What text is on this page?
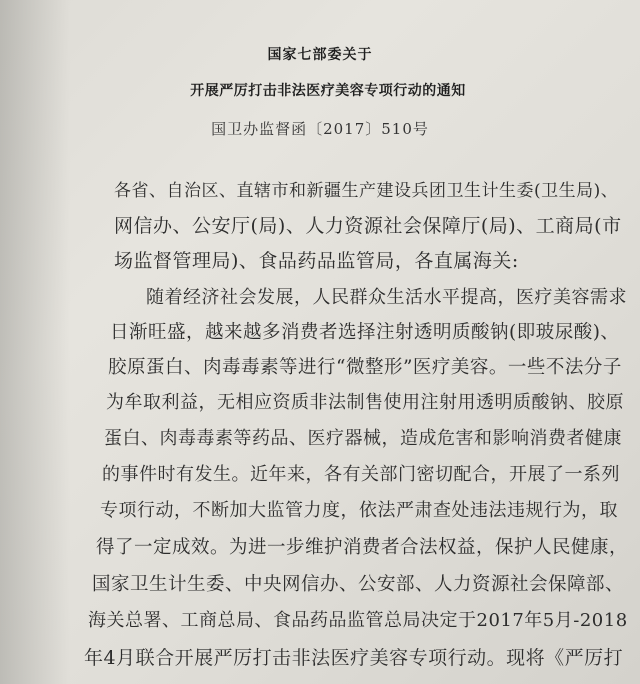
国家七部委关于
开展严厉打击非法医疗美容专项行动的通知
国卫办监督函〔2017〕510号
各省、自治区、直辖市和新疆生产建设兵团卫生计生委(卫生局)、
网信办、公安厅(局)、人力资源社会保障厅(局)、工商局(市
场监督管理局)、食品药品监管局，各直属海关:
随着经济社会发展，人民群众生活水平提高，医疗美容需求
日渐旺盛，越来越多消费者选择注射透明质酸钠(即玻尿酸)、
胶原蛋白、肉毒毒素等进行“微整形”医疗美容。一些不法分子
为牟取利益，无相应资质非法制售使用注射用透明质酸钠、胶原
蛋白、肉毒毒素等药品、医疗器械，造成危害和影响消费者健康
的事件时有发生。近年来，各有关部门密切配合，开展了一系列
专项行动，不断加大监管力度，依法严肃查处违法违规行为，取
得了一定成效。为进一步维护消费者合法权益，保护人民健康，
国家卫生计生委、中央网信办、公安部、人力资源社会保障部、
海关总署、工商总局、食品药品监管总局决定于2017年5月-2018
年4月联合开展严厉打击非法医疗美容专项行动。现将《严厉打
